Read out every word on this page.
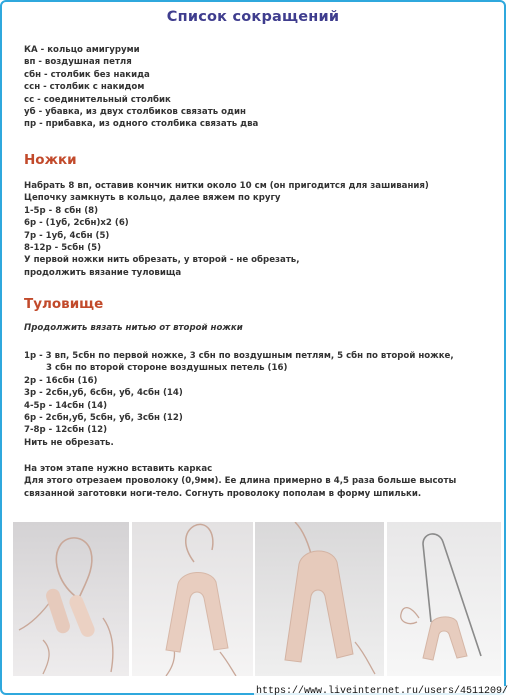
Список сокращений
КА - кольцо амигуруми
вп - воздушная петля
сбн - столбик без накида
ссн - столбик с накидом
сс - соединительный столбик
уб - убавка, из двух столбиков связать один
пр - прибавка, из одного столбика связать два
Ножки
Набрать 8 вп, оставив кончик нитки около 10 см (он пригодится для зашивания)
Цепочку замкнуть в кольцо, далее вяжем по кругу
1-5р - 8 сбн (8)
6р - (1уб, 2сбн)х2 (6)
7р - 1уб, 4сбн (5)
8-12р - 5сбн (5)
У первой ножки нить обрезать, у второй - не обрезать,
продолжить вязание туловища
Туловище
Продолжить вязать нитью от второй ножки
1р - 3 вп, 5сбн по первой ножке, 3 сбн по воздушным петлям, 5 сбн по второй ножке,
3 сбн по второй стороне воздушных петель (16)
2р - 16сбн (16)
3р - 2сбн,уб, 6сбн, уб, 4сбн (14)
4-5р - 14сбн (14)
6р - 2сбн,уб, 5сбн, уб, 3сбн (12)
7-8р - 12сбн (12)
Нить не обрезать.
На этом этапе нужно вставить каркас
Для этого отрезаем проволоку (0,9мм). Ее длина примерно в 4,5 раза больше высоты
связанной заготовки ноги-тело. Согнуть проволоку пополам в форму шпильки.
https://www.liveinternet.ru/users/4511209/
